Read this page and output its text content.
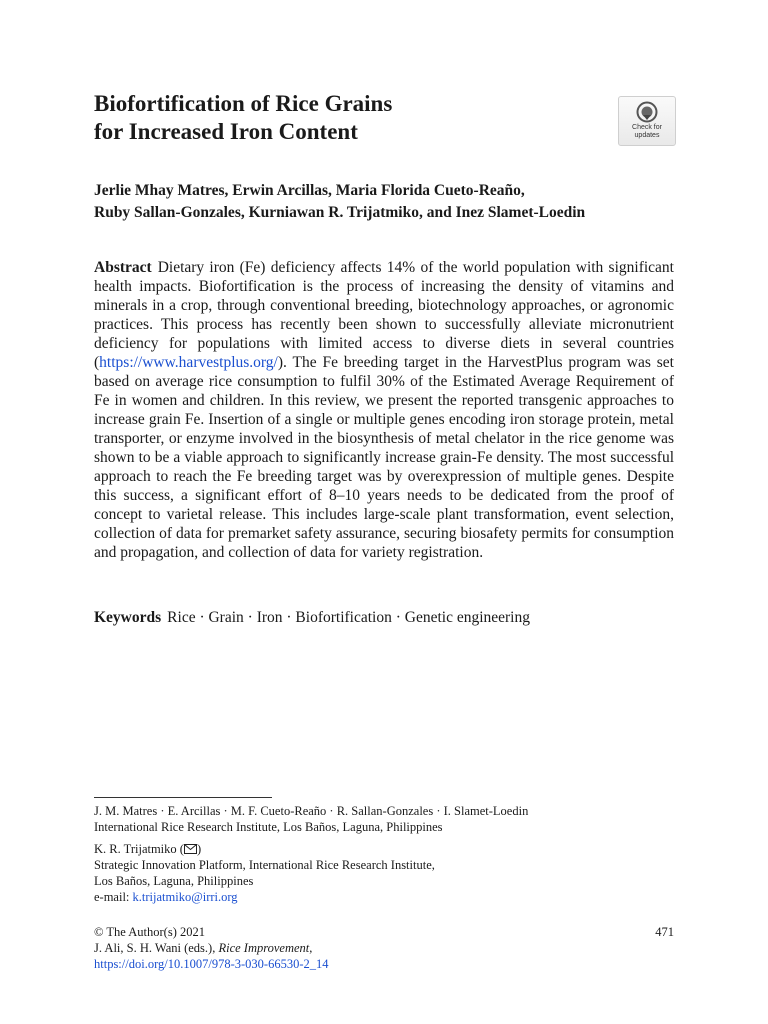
Biofortification of Rice Grains
for Increased Iron Content	Check for
updates

Jerlie Mhay Matres, Erwin Arcillas, Maria Florida Cueto-Reaño,
Ruby Sallan-Gonzales, Kurniawan R. Trijatmiko, and Inez Slamet-Loedin

Abstract Dietary iron (Fe) deficiency affects 14% of the world population with significant health impacts. Biofortification is the process of increasing the density of vitamins and minerals in a crop, through conventional breeding, biotechnology approaches, or agronomic practices. This process has recently been shown to successfully alleviate micronutrient deficiency for populations with limited access to diverse diets in several countries (https://www.harvestplus.org/). The Fe breeding target in the HarvestPlus program was set based on average rice consumption to fulfil 30% of the Estimated Average Requirement of Fe in women and children. In this review, we present the reported transgenic approaches to increase grain Fe. Insertion of a single or multiple genes encoding iron storage protein, metal transporter, or enzyme involved in the biosynthesis of metal chelator in the rice genome was shown to be a viable approach to significantly increase grain-Fe density. The most successful approach to reach the Fe breeding target was by overexpression of multiple genes. Despite this success, a significant effort of 8–10 years needs to be dedicated from the proof of concept to varietal release. This includes large-scale plant transformation, event selection, collection of data for premarket safety assurance, securing biosafety permits for consumption and propagation, and collection of data for variety registration.

Keywords Rice · Grain · Iron · Biofortification · Genetic engineering

J. M. Matres · E. Arcillas · M. F. Cueto-Reaño · R. Sallan-Gonzales · I. Slamet-Loedin
International Rice Research Institute, Los Baños, Laguna, Philippines

K. R. Trijatmiko ( )
Strategic Innovation Platform, International Rice Research Institute,
Los Baños, Laguna, Philippines
e-mail: k.trijatmiko@irri.org

© The Author(s) 2021
J. Ali, S. H. Wani (eds.), Rice Improvement,
https://doi.org/10.1007/978-3-030-66530-2_14
471
